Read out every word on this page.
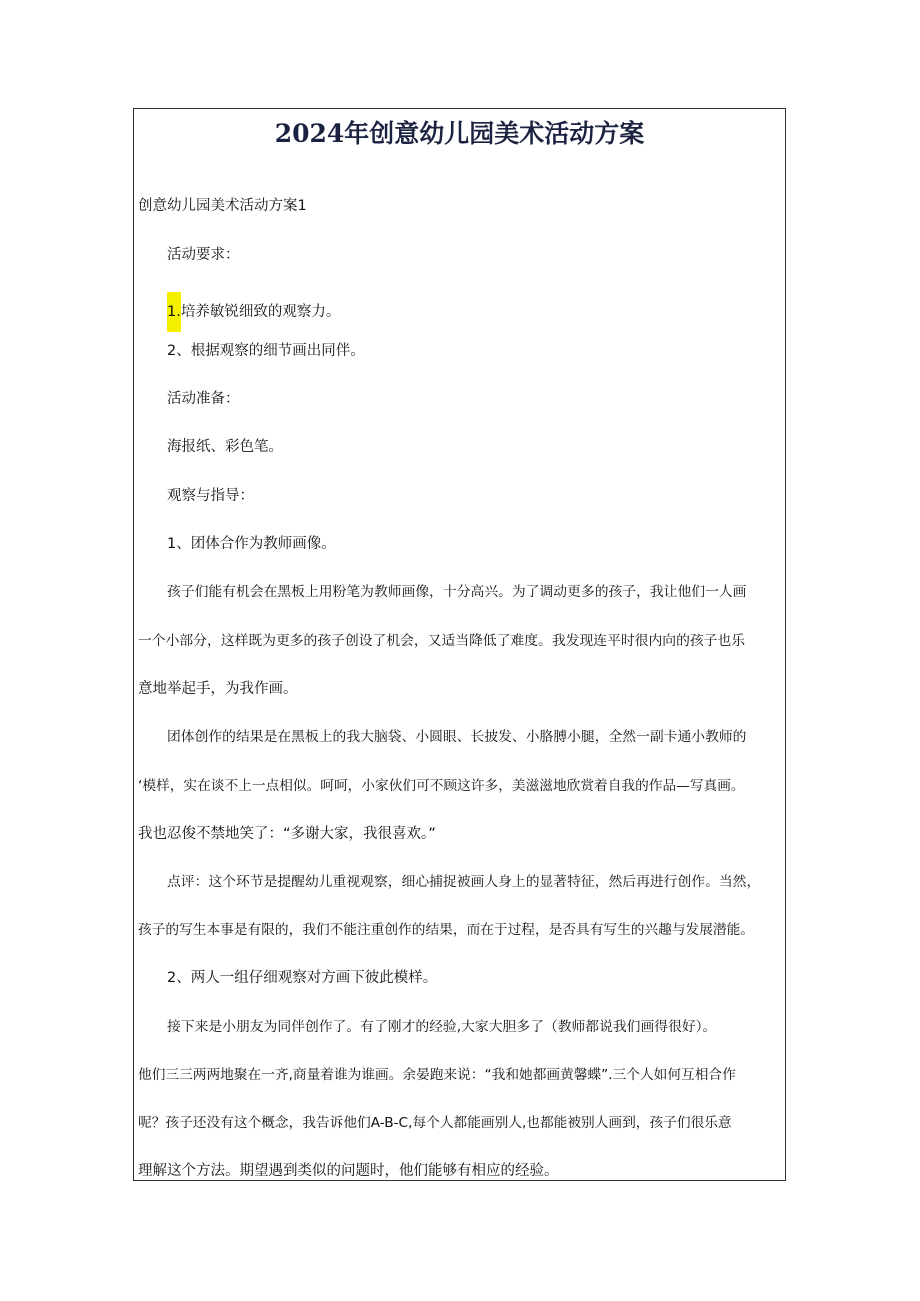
2024年创意幼儿园美术活动方案

创意幼儿园美术活动方案1

活动要求：

1.培养敏锐细致的观察力。

2、根据观察的细节画出同伴。

活动准备：

海报纸、彩色笔。

观察与指导：

1、团体合作为教师画像。

孩子们能有机会在黑板上用粉笔为教师画像，十分高兴。为了调动更多的孩子，我让他们一人画

一个小部分，这样既为更多的孩子创设了机会，又适当降低了难度。我发现连平时很内向的孩子也乐

意地举起手，为我作画。

团体创作的结果是在黑板上的我大脑袋、小圆眼、长披发、小胳膊小腿，全然一副卡通小教师的

‘模样，实在谈不上一点相似。呵呵，小家伙们可不顾这许多，美滋滋地欣赏着自我的作品—写真画。

我也忍俊不禁地笑了：“多谢大家，我很喜欢。”

点评：这个环节是提醒幼儿重视观察，细心捕捉被画人身上的显著特征，然后再进行创作。当然，

孩子的写生本事是有限的，我们不能注重创作的结果，而在于过程，是否具有写生的兴趣与发展潜能。

2、两人一组仔细观察对方画下彼此模样。

接下来是小朋友为同伴创作了。有了刚才的经验,大家大胆多了（教师都说我们画得很好）。

他们三三两两地聚在一齐,商量着谁为谁画。余晏跑来说：“我和她都画黄馨蝶”.三个人如何互相合作

呢？孩子还没有这个概念，我告诉他们A-B-C,每个人都能画别人,也都能被别人画到，孩子们很乐意

理解这个方法。期望遇到类似的问题时，他们能够有相应的经验。
